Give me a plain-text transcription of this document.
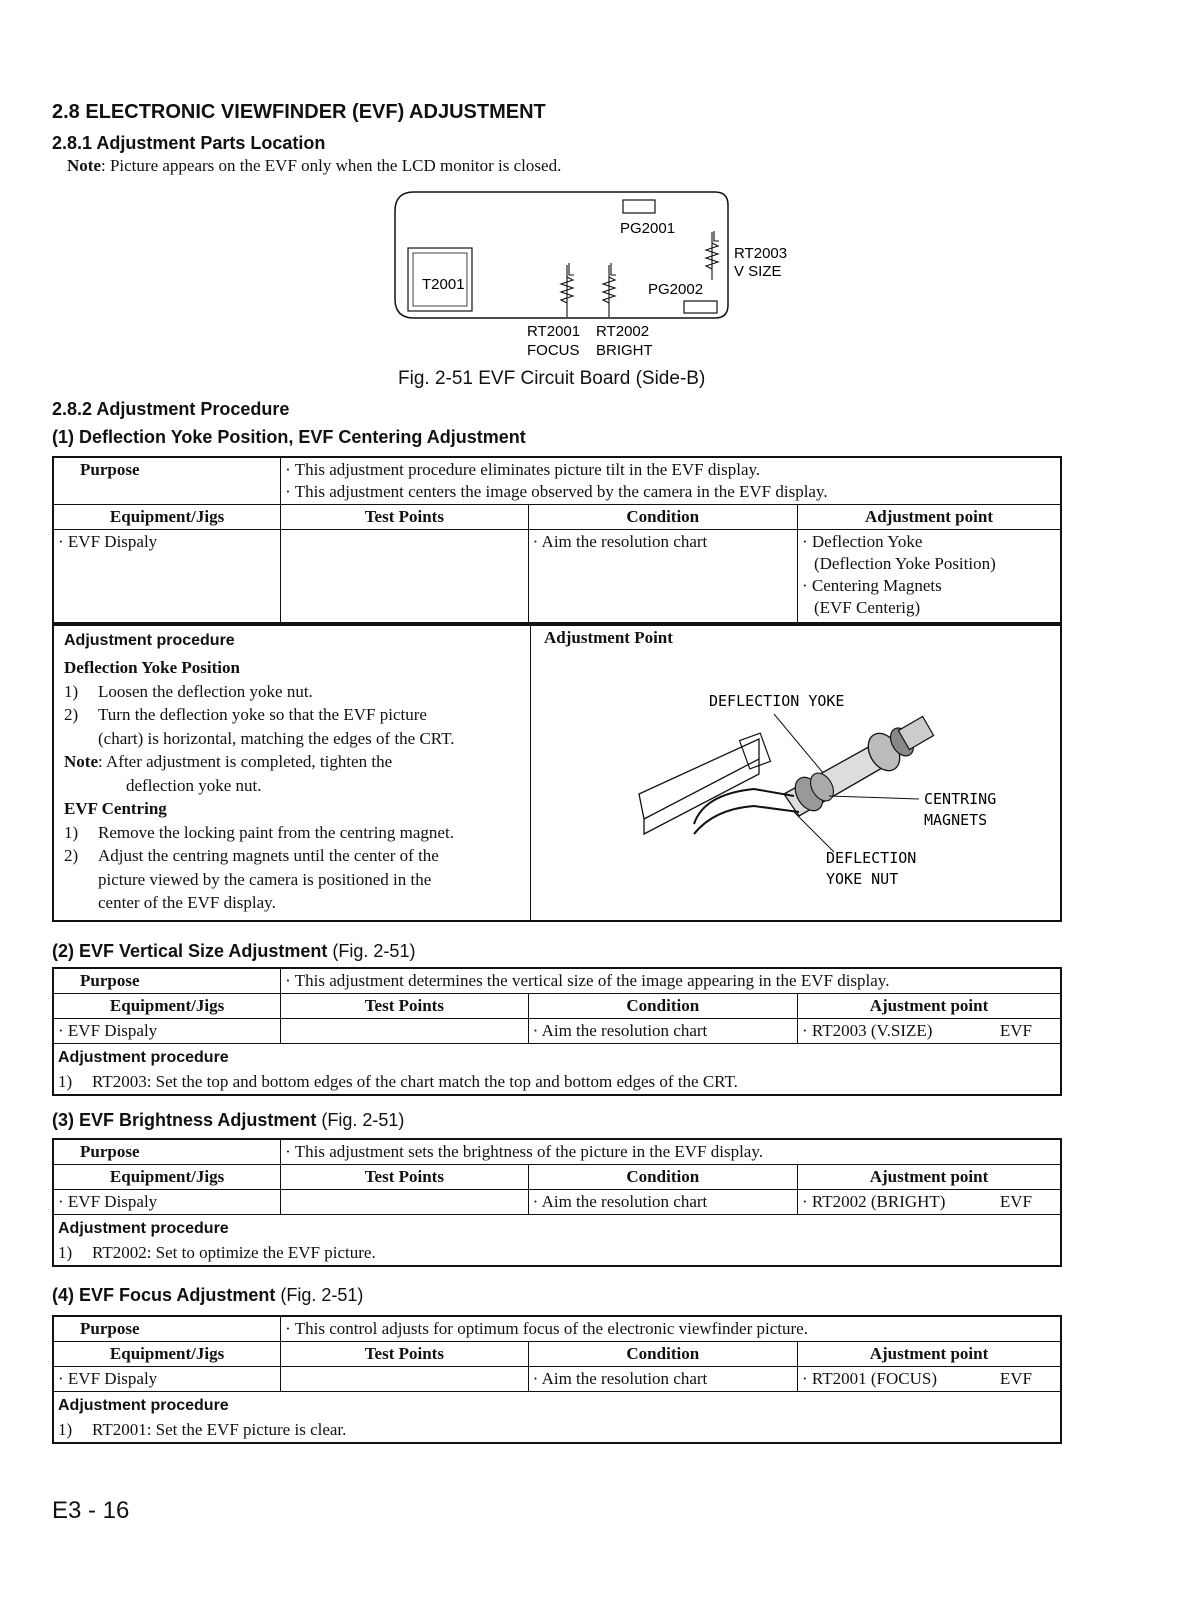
2.8 ELECTRONIC VIEWFINDER (EVF) ADJUSTMENT
2.8.1 Adjustment Parts Location
Note: Picture appears on the EVF only when the LCD monitor is closed.
T2001
PG2001
PG2002
RT2003
V SIZE
RT2001
FOCUS
RT2002
BRIGHT
Fig. 2-51 EVF Circuit Board (Side-B)
2.8.2 Adjustment Procedure
(1) Deflection Yoke Position, EVF Centering Adjustment
Purpose	· This adjustment procedure eliminates picture tilt in the EVF display.
· This adjustment centers the image observed by the camera in the EVF display.

Equipment/Jigs	Test Points	Condition	Adjustment point
· EVF Dispaly		· Aim the resolution chart	· Deflection Yoke
(Deflection Yoke Position)
· Centering Magnets
(EVF Centerig)
Adjustment procedure
Deflection Yoke Position
1) Loosen the deflection yoke nut.
2) Turn the deflection yoke so that the EVF picture
(chart) is horizontal, matching the edges of the CRT.
Note: After adjustment is completed, tighten the
deflection yoke nut.
EVF Centring
1) Remove the locking paint from the centring magnet.
2) Adjust the centring magnets until the center of the
picture viewed by the camera is positioned in the
center of the EVF display.
Adjustment Point
DEFLECTION YOKE
CENTRING
MAGNETS
DEFLECTION
YOKE NUT
(2) EVF Vertical Size Adjustment (Fig. 2-51)
Purpose	· This adjustment determines the vertical size of the image appearing in the EVF display.
Equipment/Jigs	Test Points	Condition	Ajustment point
· EVF Dispaly		· Aim the resolution chart	· RT2003 (V.SIZE) EVF

Adjustment procedure
1) RT2003: Set the top and bottom edges of the chart match the top and bottom edges of the CRT.			
(3) EVF Brightness Adjustment (Fig. 2-51)
Purpose	· This adjustment sets the brightness of the picture in the EVF display.
Equipment/Jigs	Test Points	Condition	Ajustment point
· EVF Dispaly		· Aim the resolution chart	· RT2002 (BRIGHT) EVF

Adjustment procedure
1) RT2002: Set to optimize the EVF picture.			
(4) EVF Focus Adjustment (Fig. 2-51)
Purpose	· This control adjusts for optimum focus of the electronic viewfinder picture.
Equipment/Jigs	Test Points	Condition	Ajustment point
· EVF Dispaly		· Aim the resolution chart	· RT2001 (FOCUS) EVF

Adjustment procedure
1) RT2001: Set the EVF picture is clear.			
E3 - 16
